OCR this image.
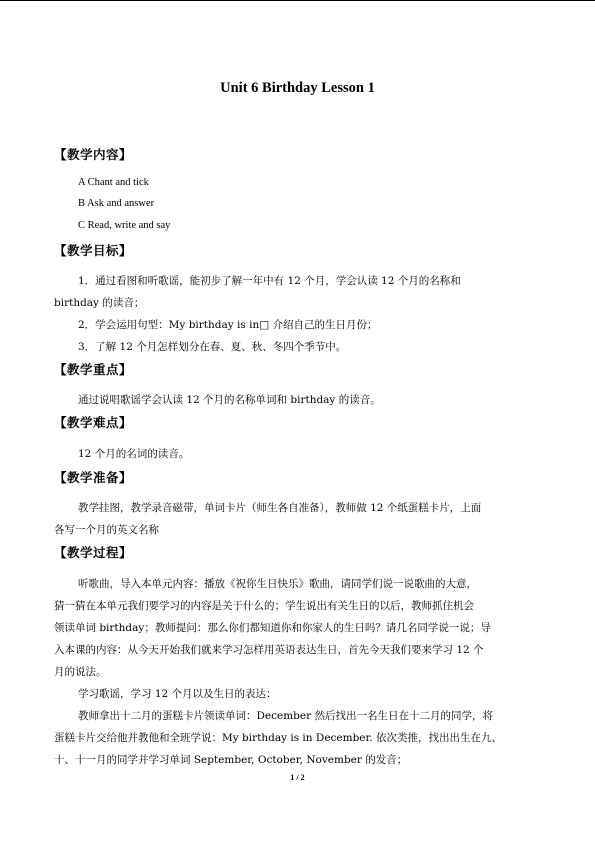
Unit 6 Birthday Lesson 1
【教学内容】
A Chant and tick
B Ask and answer
C Read, write and say
【教学目标】
1．通过看图和听歌谣，能初步了解一年中有 12 个月，学会认读 12 个月的名称和
birthday 的读音；
2．学会运用句型：My birthday is in□ 介绍自己的生日月份；
3．了解 12 个月怎样划分在春、夏、秋、冬四个季节中。
【教学重点】
通过说唱歌谣学会认读 12 个月的名称单词和 birthday 的读音。
【教学难点】
12 个月的名词的读音。
【教学准备】
教学挂图，教学录音磁带，单词卡片（师生各自准备），教师做 12 个纸蛋糕卡片，上面
各写一个月的英文名称
【教学过程】
听歌曲，导入本单元内容：播放《祝你生日快乐》歌曲，请同学们说一说歌曲的大意，
猜一猜在本单元我们要学习的内容是关于什么的；学生说出有关生日的以后，教师抓住机会
领读单词 birthday；教师提问：那么你们都知道你和你家人的生日吗？请几名同学说一说；导
入本课的内容：从今天开始我们就来学习怎样用英语表达生日，首先今天我们要来学习 12 个
月的说法。
学习歌谣，学习 12 个月以及生日的表达：
教师拿出十二月的蛋糕卡片领读单词：December 然后找出一名生日在十二月的同学，将
蛋糕卡片交给他并教他和全班学说：My birthday is in December. 依次类推，找出出生在九、
十、十一月的同学并学习单词 September, October, November 的发音；
1 / 2
